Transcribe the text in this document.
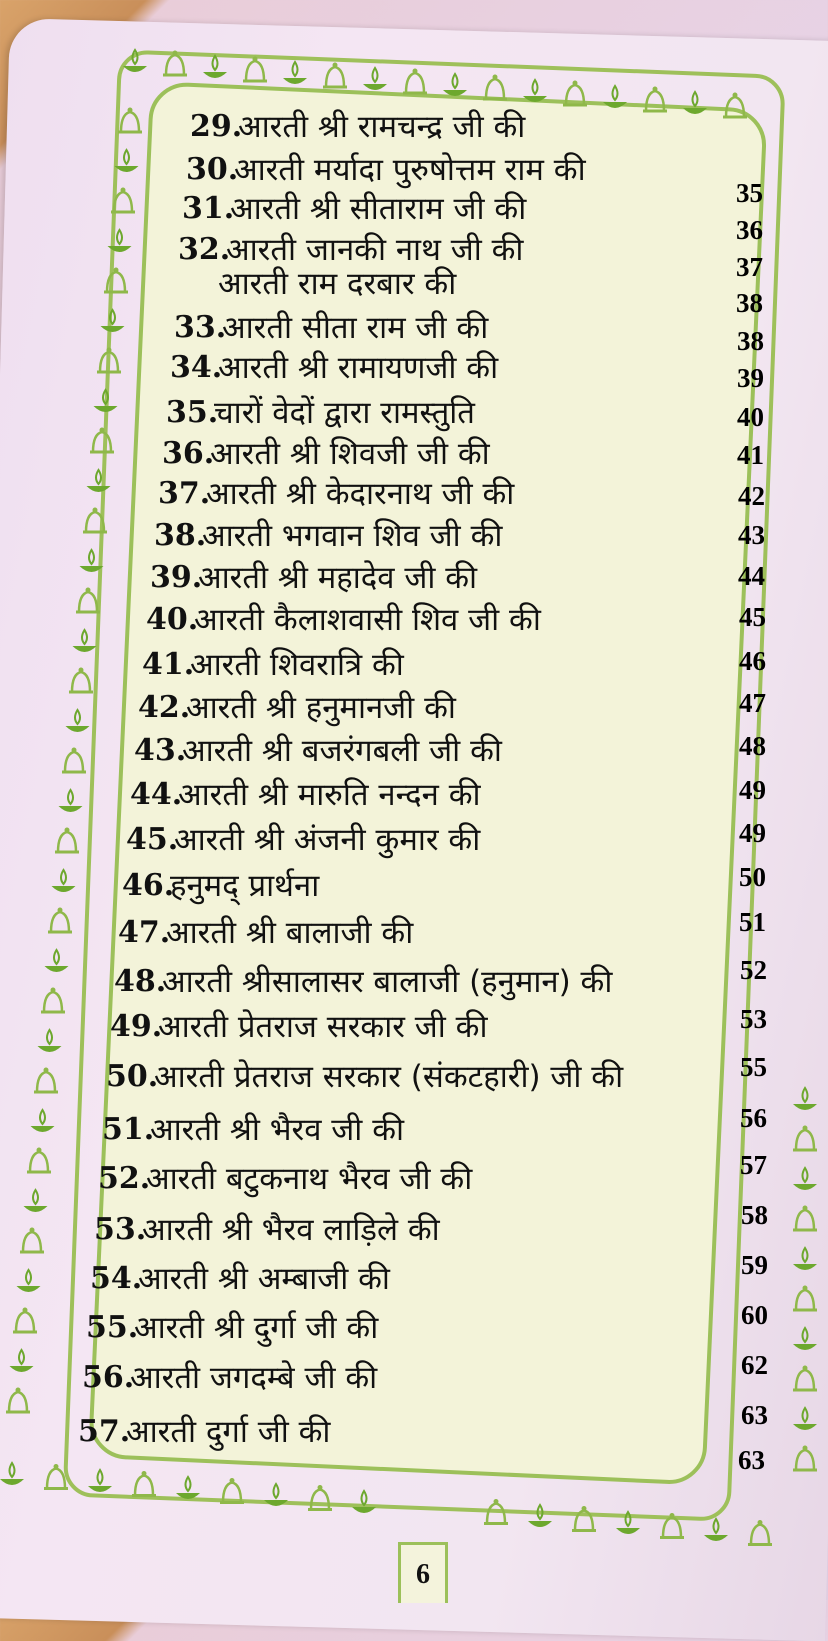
29.
आरती श्री रामचन्द्र जी की
30.
आरती मर्यादा पुरुषोत्तम राम की
31.
आरती श्री सीताराम जी की
32.
आरती जानकी नाथ जी की
आरती राम दरबार की
33.
आरती सीता राम जी की
34.
आरती श्री रामायणजी की
35.
चारों वेदों द्वारा रामस्तुति
36.
आरती श्री शिवजी जी की
37.
आरती श्री केदारनाथ जी की
38.
आरती भगवान शिव जी की
39.
आरती श्री महादेव जी की
40.
आरती कैलाशवासी शिव जी की
41.
आरती शिवरात्रि की
42.
आरती श्री हनुमानजी की
43.
आरती श्री बजरंगबली जी की
44.
आरती श्री मारुति नन्दन की
45.
आरती श्री अंजनी कुमार की
46.
हनुमद् प्रार्थना
47.
आरती श्री बालाजी की
48.
आरती श्रीसालासर बालाजी (हनुमान) की
49.
आरती प्रेतराज सरकार जी की
50.
आरती प्रेतराज सरकार (संकटहारी) जी की
51.
आरती श्री भैरव जी की
52.
आरती बटुकनाथ भैरव जी की
53.
आरती श्री भैरव लाड़िले की
54.
आरती श्री अम्बाजी की
55.
आरती श्री दुर्गा जी की
56.
आरती जगदम्बे जी की
57.
आरती दुर्गा जी की
63
6
35
36
37
38
38
39
40
41
42
43
44
45
46
47
48
49
49
50
51
52
53
55
56
57
58
59
60
62
63
